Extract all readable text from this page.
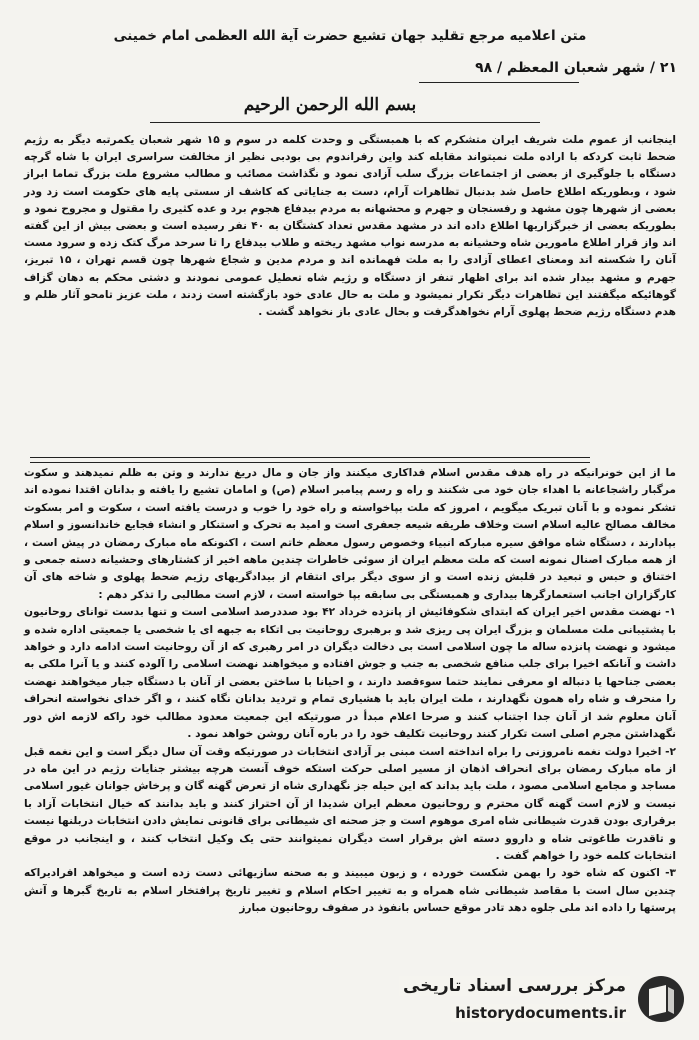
متن اعلامیه مرجع تقلید جهان تشیع حضرت آیة الله العظمی امام خمینی
۲۱ / شهر شعبان المعظم / ۹۸
بسم الله الرحمن الرحیم

اینجانب از عموم ملت شریف ایران متشکرم که با همبستگی و وحدت کلمه در سوم و ۱۵ شهر شعبان یکمرتبه دیگر به رژیم ضحط ثابت کردکه با اراده ملت نمیتواند مقابله کند واین رفراندوم بی بودبی نظیر از مخالفت سراسری ایران با شاه گرچه دستگاه با جلوگیری از بعضی از اجتماعات بزرگ سلب آزادی نمود و نگذاشت مصائب و مطالب مشروع ملت بزرگ تماما ابراز شود ، وبطوریکه اطلاع حاصل شد بدنبال تظاهرات آرام، دست به جنایاتی که کاشف از سستی پایه های حکومت است زد ودر بعضی از شهرها چون مشهد و رفسنجان و جهرم و محشهانه به مردم بیدفاع هجوم برد و عده کثیری را مقتول و مجروح نمود و بطوریکه بعضی از خبرگزاریها اطلاع داده اند در مشهد مقدس تعداد کشتگان به ۴۰ نفر رسیده است و بعضی بیش از این گفته اند واز قرار اطلاع مامورین شاه وحشیانه به مدرسه نواب مشهد ریخته و طلاب بیدفاع را تا سرحد مرگ کتک زده و سرود مست آنان را شکسته اند ومعنای اعطای آزادی را به ملت فهمانده اند و مردم مدین و شجاع شهرها چون قسم تهران ، ۱۵ تبریز، جهرم و مشهد بیدار شده اند برای اظهار تنفر از دستگاه و رژیم شاه تعطیل عمومی نمودند و دشتی محکم به دهان گزاف گوهائیکه میگفتند این تظاهرات دیگر تکرار نمیشود و ملت به حال عادی خود بازگشته است زدند ، ملت عزیز تامحو آثار ظلم و هدم دستگاه رژیم ضحط پهلوی آرام نخواهدگرفت و بحال عادی باز نخواهد گشت .

ما از این خونرانیکه در راه هدف مقدس اسلام فداکاری میکنند واز جان و مال دریغ ندارند و وتن به ظلم نمیدهند و سکوت مرگبار راشجاعانه با اهداء جان خود می شکنند و راه و رسم پیامبر اسلام (ص) و امامان تشیع را یافته و بدانان اقتدا نموده اند تشکر نموده و با آنان تبریک میگویم ، امروز که ملت بپاخواسته و راه خود را خوب و درست یافته است ، سکوت و امر بسکوت مخالف مصالح عالیه اسلام است وخلاف طریقه شیعه جعفری است و امید به تحرک و استنکار و انشاء فجایع خاندانسوز و اسلام بپادارند ، دستگاه شاه موافق سیره مبارکه انبیاء وخصوص رسول معظم خاتم است ، اکنونکه ماه مبارک رمضان در پیش است ، از همه مبارک اصنال نمونه است که ملت معظم ایران از سوئی خاطرات چندین ماهه اخیر از کشتارهای وحشیانه دسته جمعی و اختناق و حبس و تبعید در قلبش زنده است و از سوی دیگر برای انتقام از بیدادگریهای رژیم ضحط پهلوی و شاخه های آن کارگزاران اجانب استعمارگرها بیداری و همبستگی بی سابقه بپا خواسته است ، لازم است مطالبی را تذکر دهم :

۱- نهضت مقدس اخیر ایران که ابتدای شکوفائیش از پانزده خرداد ۴۲ بود صددرصد اسلامی است و تنها بدست توانای روحانیون با پشتیبانی ملت مسلمان و بزرگ ایران پی ریزی شد و برهبری روحانیت بی اتکاء به جبهه ای یا شخصی یا جمعیتی اداره شده و میشود و نهضت پانزده ساله ما چون اسلامی است بی دخالت دیگران در امر رهبری که از آن روحانیت است ادامه دارد و خواهد داشت و آنانکه اخیرا برای جلب منافع شخصی به جنب و جوش افتاده و میخواهند نهضت اسلامی را آلوده کنند و یا آنرا ملکی به بعضی جناحها یا دنباله او معرفی نمایند حتما سوءقصد دارند ، و احیانا با ساختن بعضی از آنان با دستگاه جبار میخواهند نهضت را منحرف و شاه راه همون نگهدارند ، ملت ایران باید با هشیاری تمام و تردید بدانان نگاه کنند ، و اگر خدای نخواسته انحراف آنان معلوم شد از آنان جدا اجتناب کنند و صرحا اعلام مبدأ در صورتیکه این جمعیت معدود مطالب خود راکه لازمه اش دور نگهداشتن مجرم اصلی است تکرار کنند روحانیت تکلیف خود را در باره آنان روشن خواهد نمود .

۲- اخیرا دولت نغمه نامروزنی را براه انداخته است مبنی بر آزادی انتخابات در صورتیکه وقت آن سال دیگر است و این نغمه قبل از ماه مبارک رمضان برای انحراف اذهان از مسیر اصلی حرکت استکه خوف آنست هرچه بیشتر جنایات رژیم در این ماه در مساجد و مجامع اسلامی مصود ، ملت باید بداند که این حیله جز نگهداری شاه از تعرض گهنه گان و پرخاش جوانان غیور اسلامی نیست و لازم است گهنه گان محترم و روحانیون معظم ایران شدیدا از آن احتراز کنند و باید بدانند که خیال انتخابات آزاد با برقراری بودن قدرت شیطانی شاه امری موهوم است و جز صحنه ای شیطانی برای قانونی نمایش دادن انتخابات دربلنها نیست و تاقدرت طاغوتی شاه و داروو دسته اش برقرار است دیگران نمیتوانند حتی یک وکیل انتخاب کنند ، و اینجانب در موقع انتخابات کلمه خود را خواهم گفت .

۳- اکنون که شاه خود را بهمن شکست خورده ، و زبون میبیند و به صحنه سازیهائی دست زده است و میخواهد افرادیراکه چندین سال است با مقاصد شیطانی شاه همراه و به تغییر احکام اسلام و تغییر تاریخ پرافتخار اسلام به تاریخ گبرها و آتش پرستها را داده اند ملی جلوه دهد تادر موقع حساس بانفوذ در صفوف روحانیون مبارز

مرکز بررسی اسناد تاریخی
historydocuments.ir
